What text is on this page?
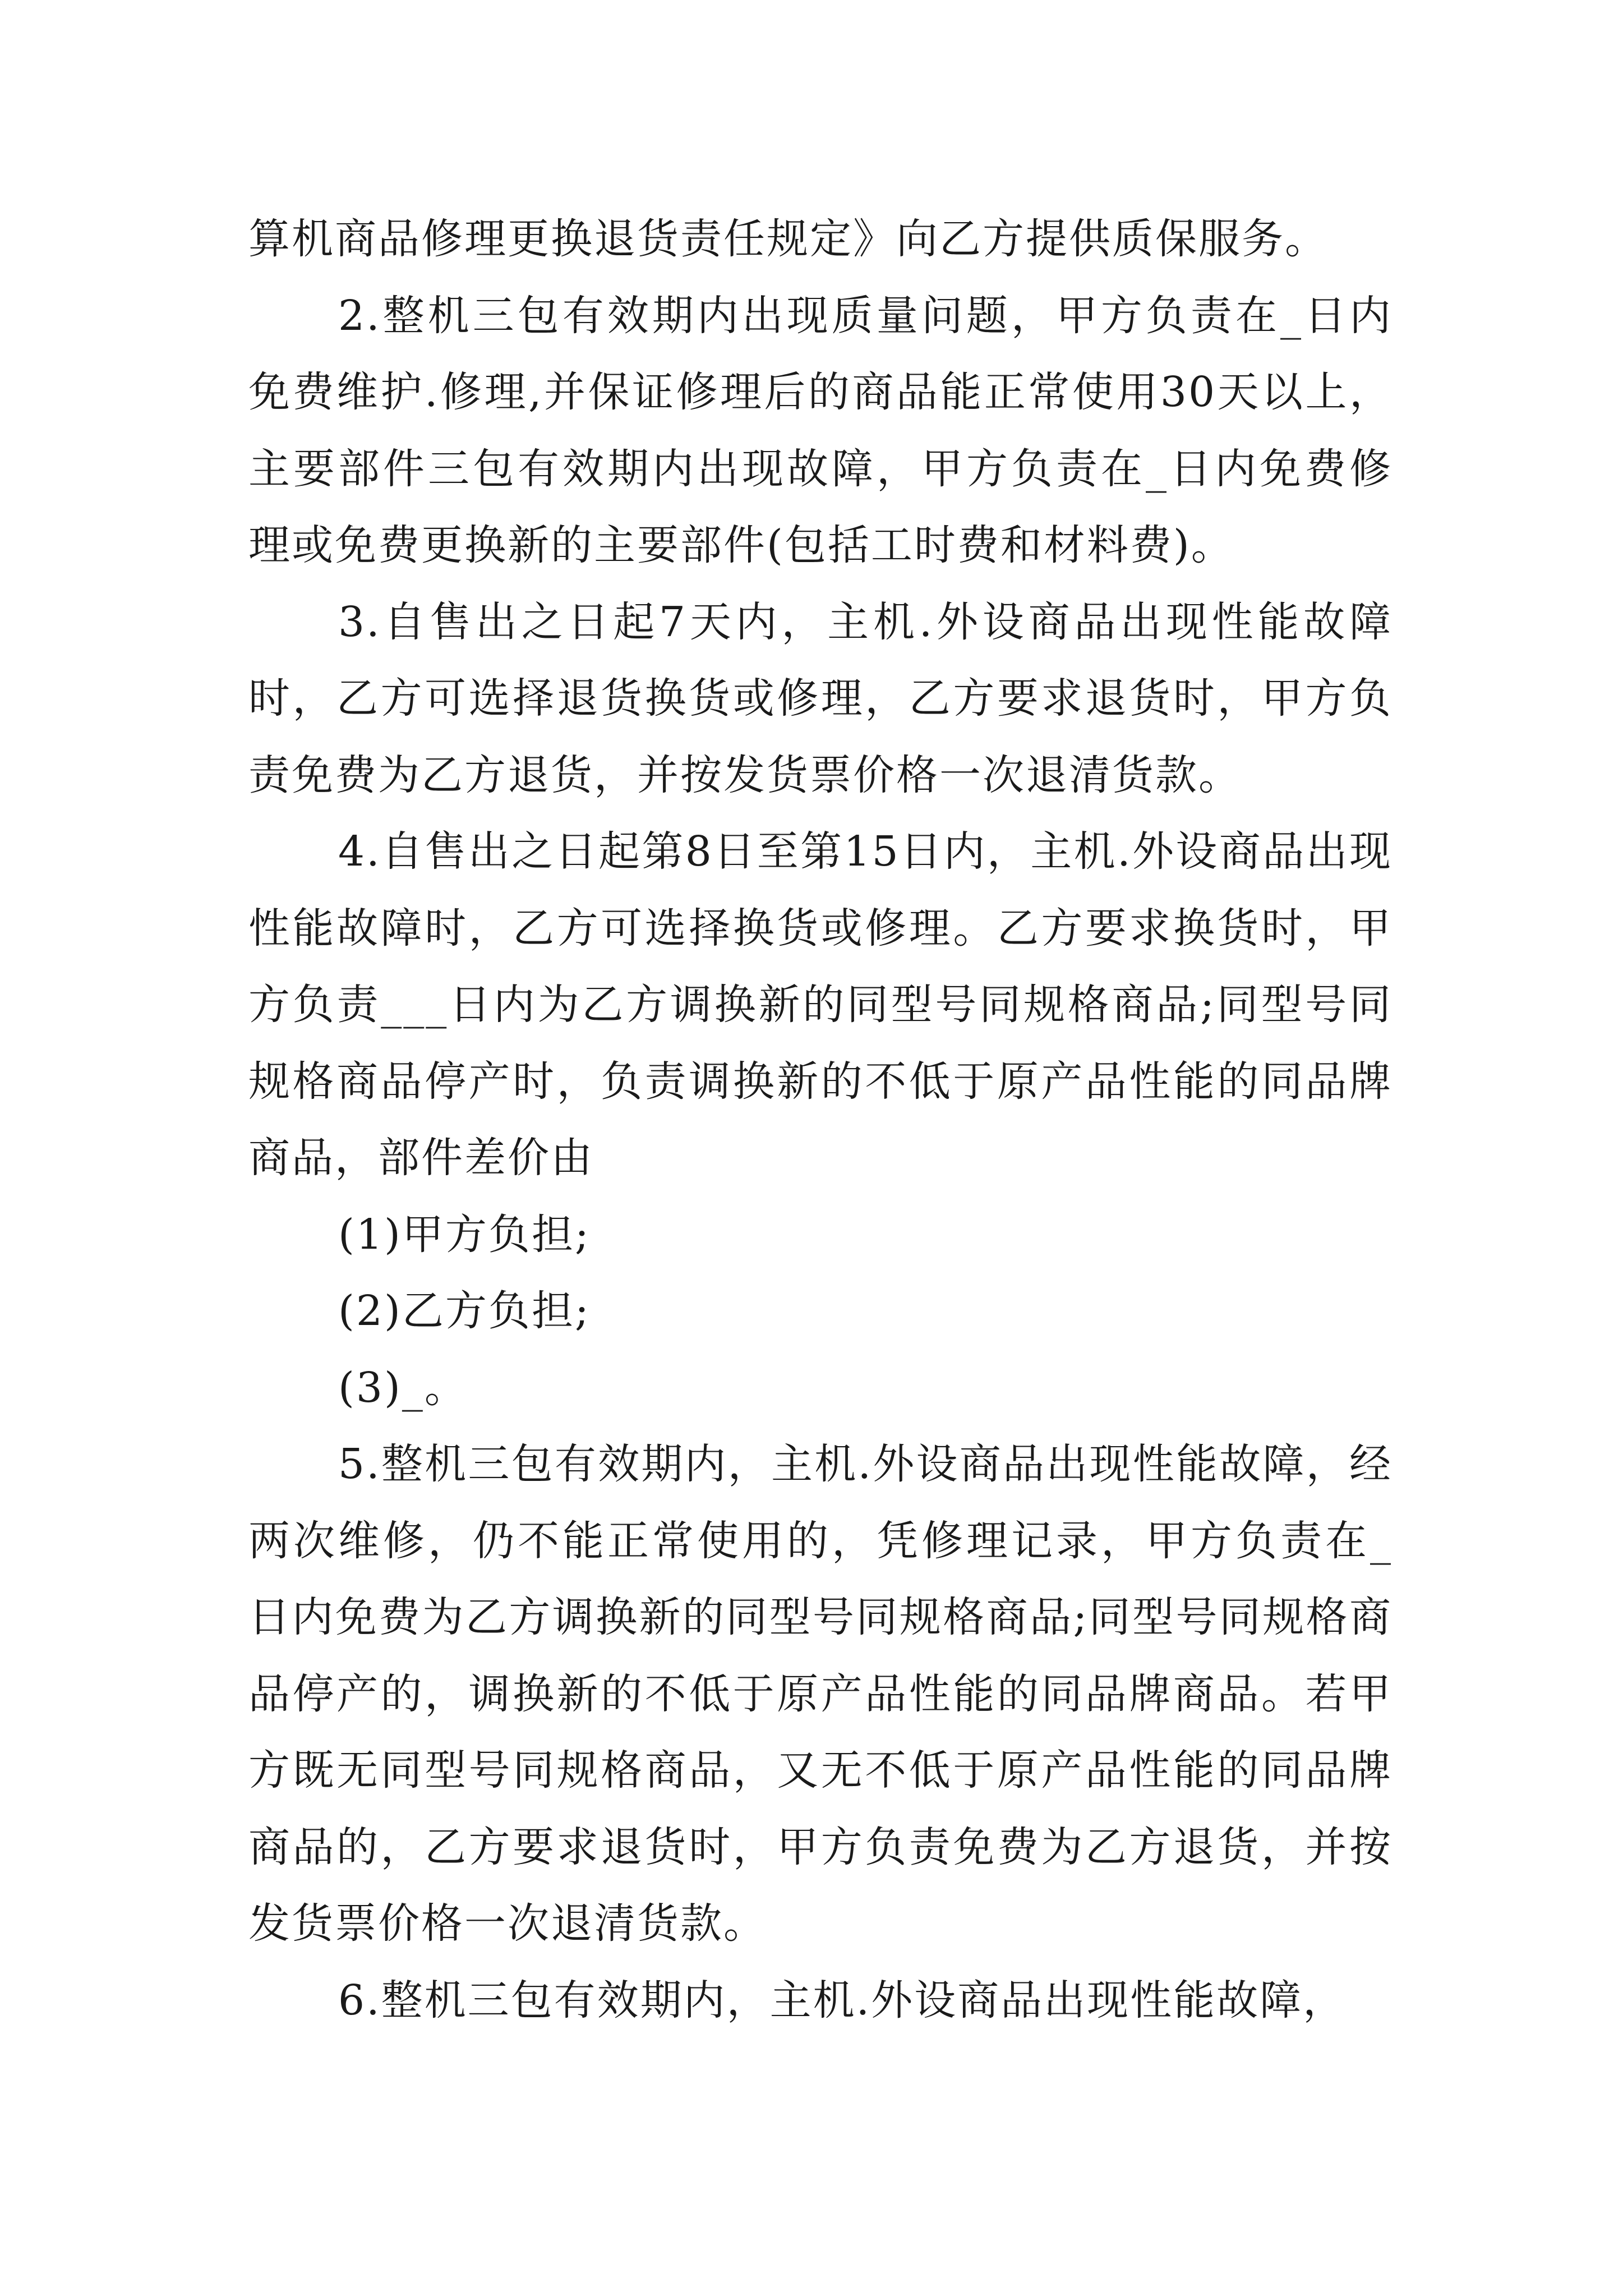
算机商品修理更换退货责任规定》向乙方提供质保服务。

2.整机三包有效期内出现质量问题，甲方负责在_日内免费维护.修理,并保证修理后的商品能正常使用30天以上，主要部件三包有效期内出现故障，甲方负责在_日内免费修理或免费更换新的主要部件(包括工时费和材料费)。

3.自售出之日起7天内，主机.外设商品出现性能故障时，乙方可选择退货换货或修理，乙方要求退货时，甲方负责免费为乙方退货，并按发货票价格一次退清货款。

4.自售出之日起第8日至第15日内，主机.外设商品出现性能故障时，乙方可选择换货或修理。乙方要求换货时，甲方负责___日内为乙方调换新的同型号同规格商品;同型号同规格商品停产时，负责调换新的不低于原产品性能的同品牌商品，部件差价由

(1)甲方负担;

(2)乙方负担;

(3)_。

5.整机三包有效期内，主机.外设商品出现性能故障，经两次维修，仍不能正常使用的，凭修理记录，甲方负责在_日内免费为乙方调换新的同型号同规格商品;同型号同规格商品停产的，调换新的不低于原产品性能的同品牌商品。若甲方既无同型号同规格商品，又无不低于原产品性能的同品牌商品的，乙方要求退货时，甲方负责免费为乙方退货，并按发货票价格一次退清货款。

6.整机三包有效期内，主机.外设商品出现性能故障，
